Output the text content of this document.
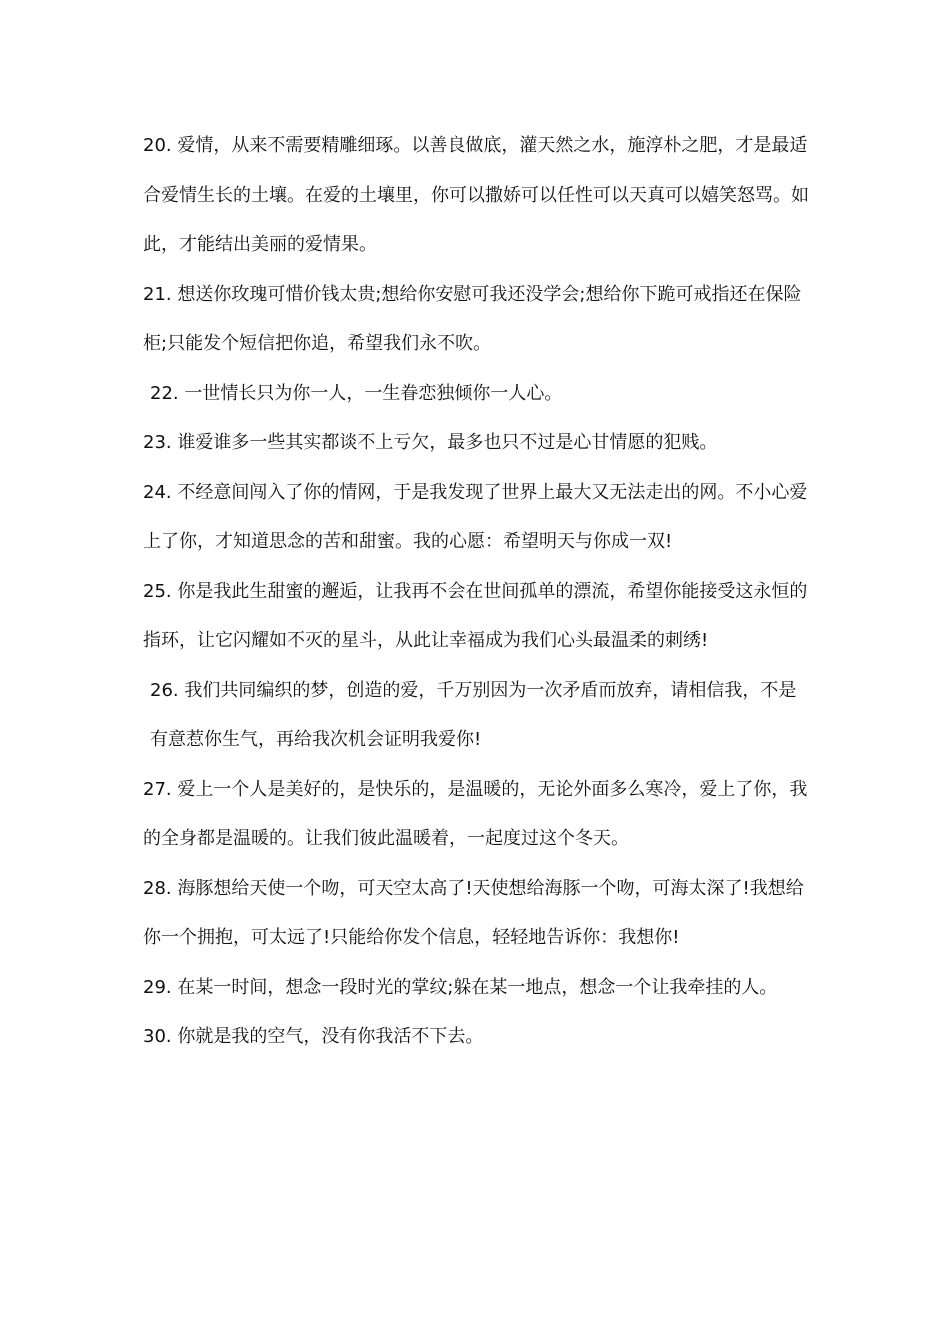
20. 爱情，从来不需要精雕细琢。以善良做底，灌天然之水，施淳朴之肥，才是最适合爱情生长的土壤。在爱的土壤里，你可以撒娇可以任性可以天真可以嬉笑怒骂。如此，才能结出美丽的爱情果。

21. 想送你玫瑰可惜价钱太贵;想给你安慰可我还没学会;想给你下跪可戒指还在保险柜;只能发个短信把你追，希望我们永不吹。

22. 一世情长只为你一人，一生眷恋独倾你一人心。

23. 谁爱谁多一些其实都谈不上亏欠，最多也只不过是心甘情愿的犯贱。

24. 不经意间闯入了你的情网，于是我发现了世界上最大又无法走出的网。不小心爱上了你，才知道思念的苦和甜蜜。我的心愿：希望明天与你成一双!

25. 你是我此生甜蜜的邂逅，让我再不会在世间孤单的漂流，希望你能接受这永恒的指环，让它闪耀如不灭的星斗，从此让幸福成为我们心头最温柔的刺绣!

26. 我们共同编织的梦，创造的爱，千万别因为一次矛盾而放弃，请相信我，不是有意惹你生气，再给我次机会证明我爱你!

27. 爱上一个人是美好的，是快乐的，是温暖的，无论外面多么寒冷，爱上了你，我的全身都是温暖的。让我们彼此温暖着，一起度过这个冬天。

28. 海豚想给天使一个吻，可天空太高了!天使想给海豚一个吻，可海太深了!我想给你一个拥抱，可太远了!只能给你发个信息，轻轻地告诉你：我想你!

29. 在某一时间，想念一段时光的掌纹;躲在某一地点，想念一个让我牵挂的人。

30. 你就是我的空气，没有你我活不下去。
